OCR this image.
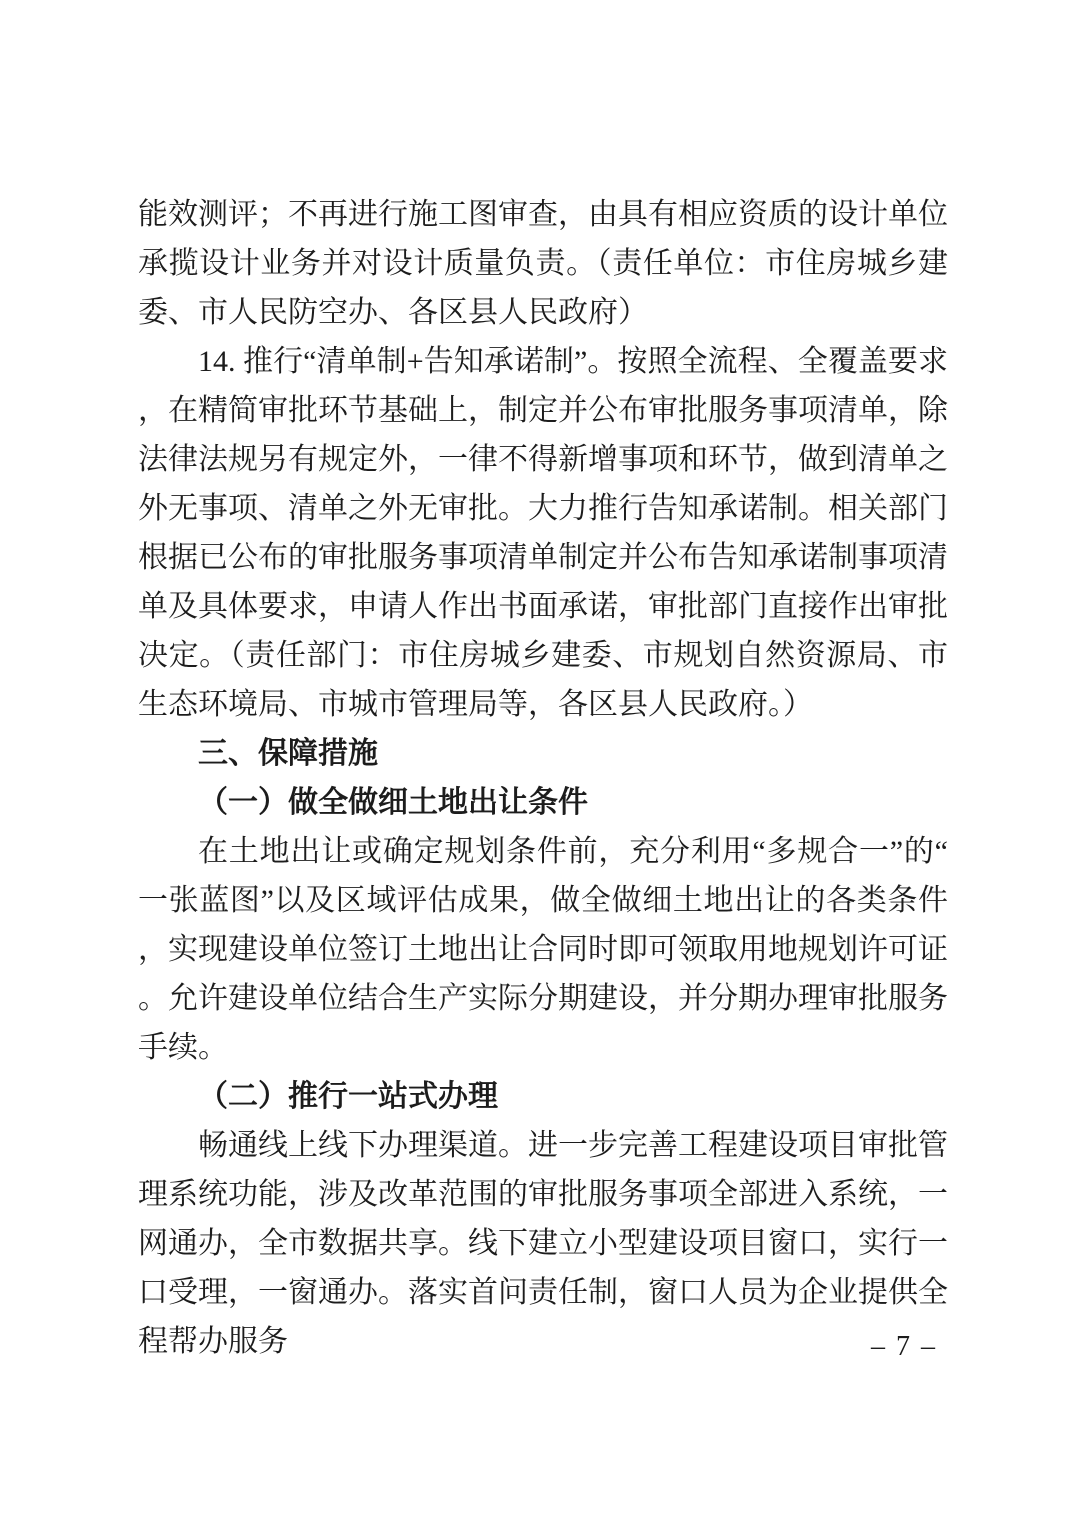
能效测评；不再进行施工图审查，由具有相应资质的设计单位承揽设计业务并对设计质量负责。（责任单位：市住房城乡建委、市人民防空办、各区县人民政府）

14. 推行“清单制+告知承诺制”。按照全流程、全覆盖要求，在精简审批环节基础上，制定并公布审批服务事项清单，除法律法规另有规定外，一律不得新增事项和环节，做到清单之外无事项、清单之外无审批。大力推行告知承诺制。相关部门根据已公布的审批服务事项清单制定并公布告知承诺制事项清单及具体要求，申请人作出书面承诺，审批部门直接作出审批决定。（责任部门：市住房城乡建委、市规划自然资源局、市生态环境局、市城市管理局等，各区县人民政府。）

三、保障措施

（一）做全做细土地出让条件

在土地出让或确定规划条件前，充分利用“多规合一”的“一张蓝图”以及区域评估成果，做全做细土地出让的各类条件，实现建设单位签订土地出让合同时即可领取用地规划许可证。允许建设单位结合生产实际分期建设，并分期办理审批服务手续。

（二）推行一站式办理

畅通线上线下办理渠道。进一步完善工程建设项目审批管理系统功能，涉及改革范围的审批服务事项全部进入系统，一网通办，全市数据共享。线下建立小型建设项目窗口，实行一口受理，一窗通办。落实首问责任制，窗口人员为企业提供全程帮办服务	– 7 –
